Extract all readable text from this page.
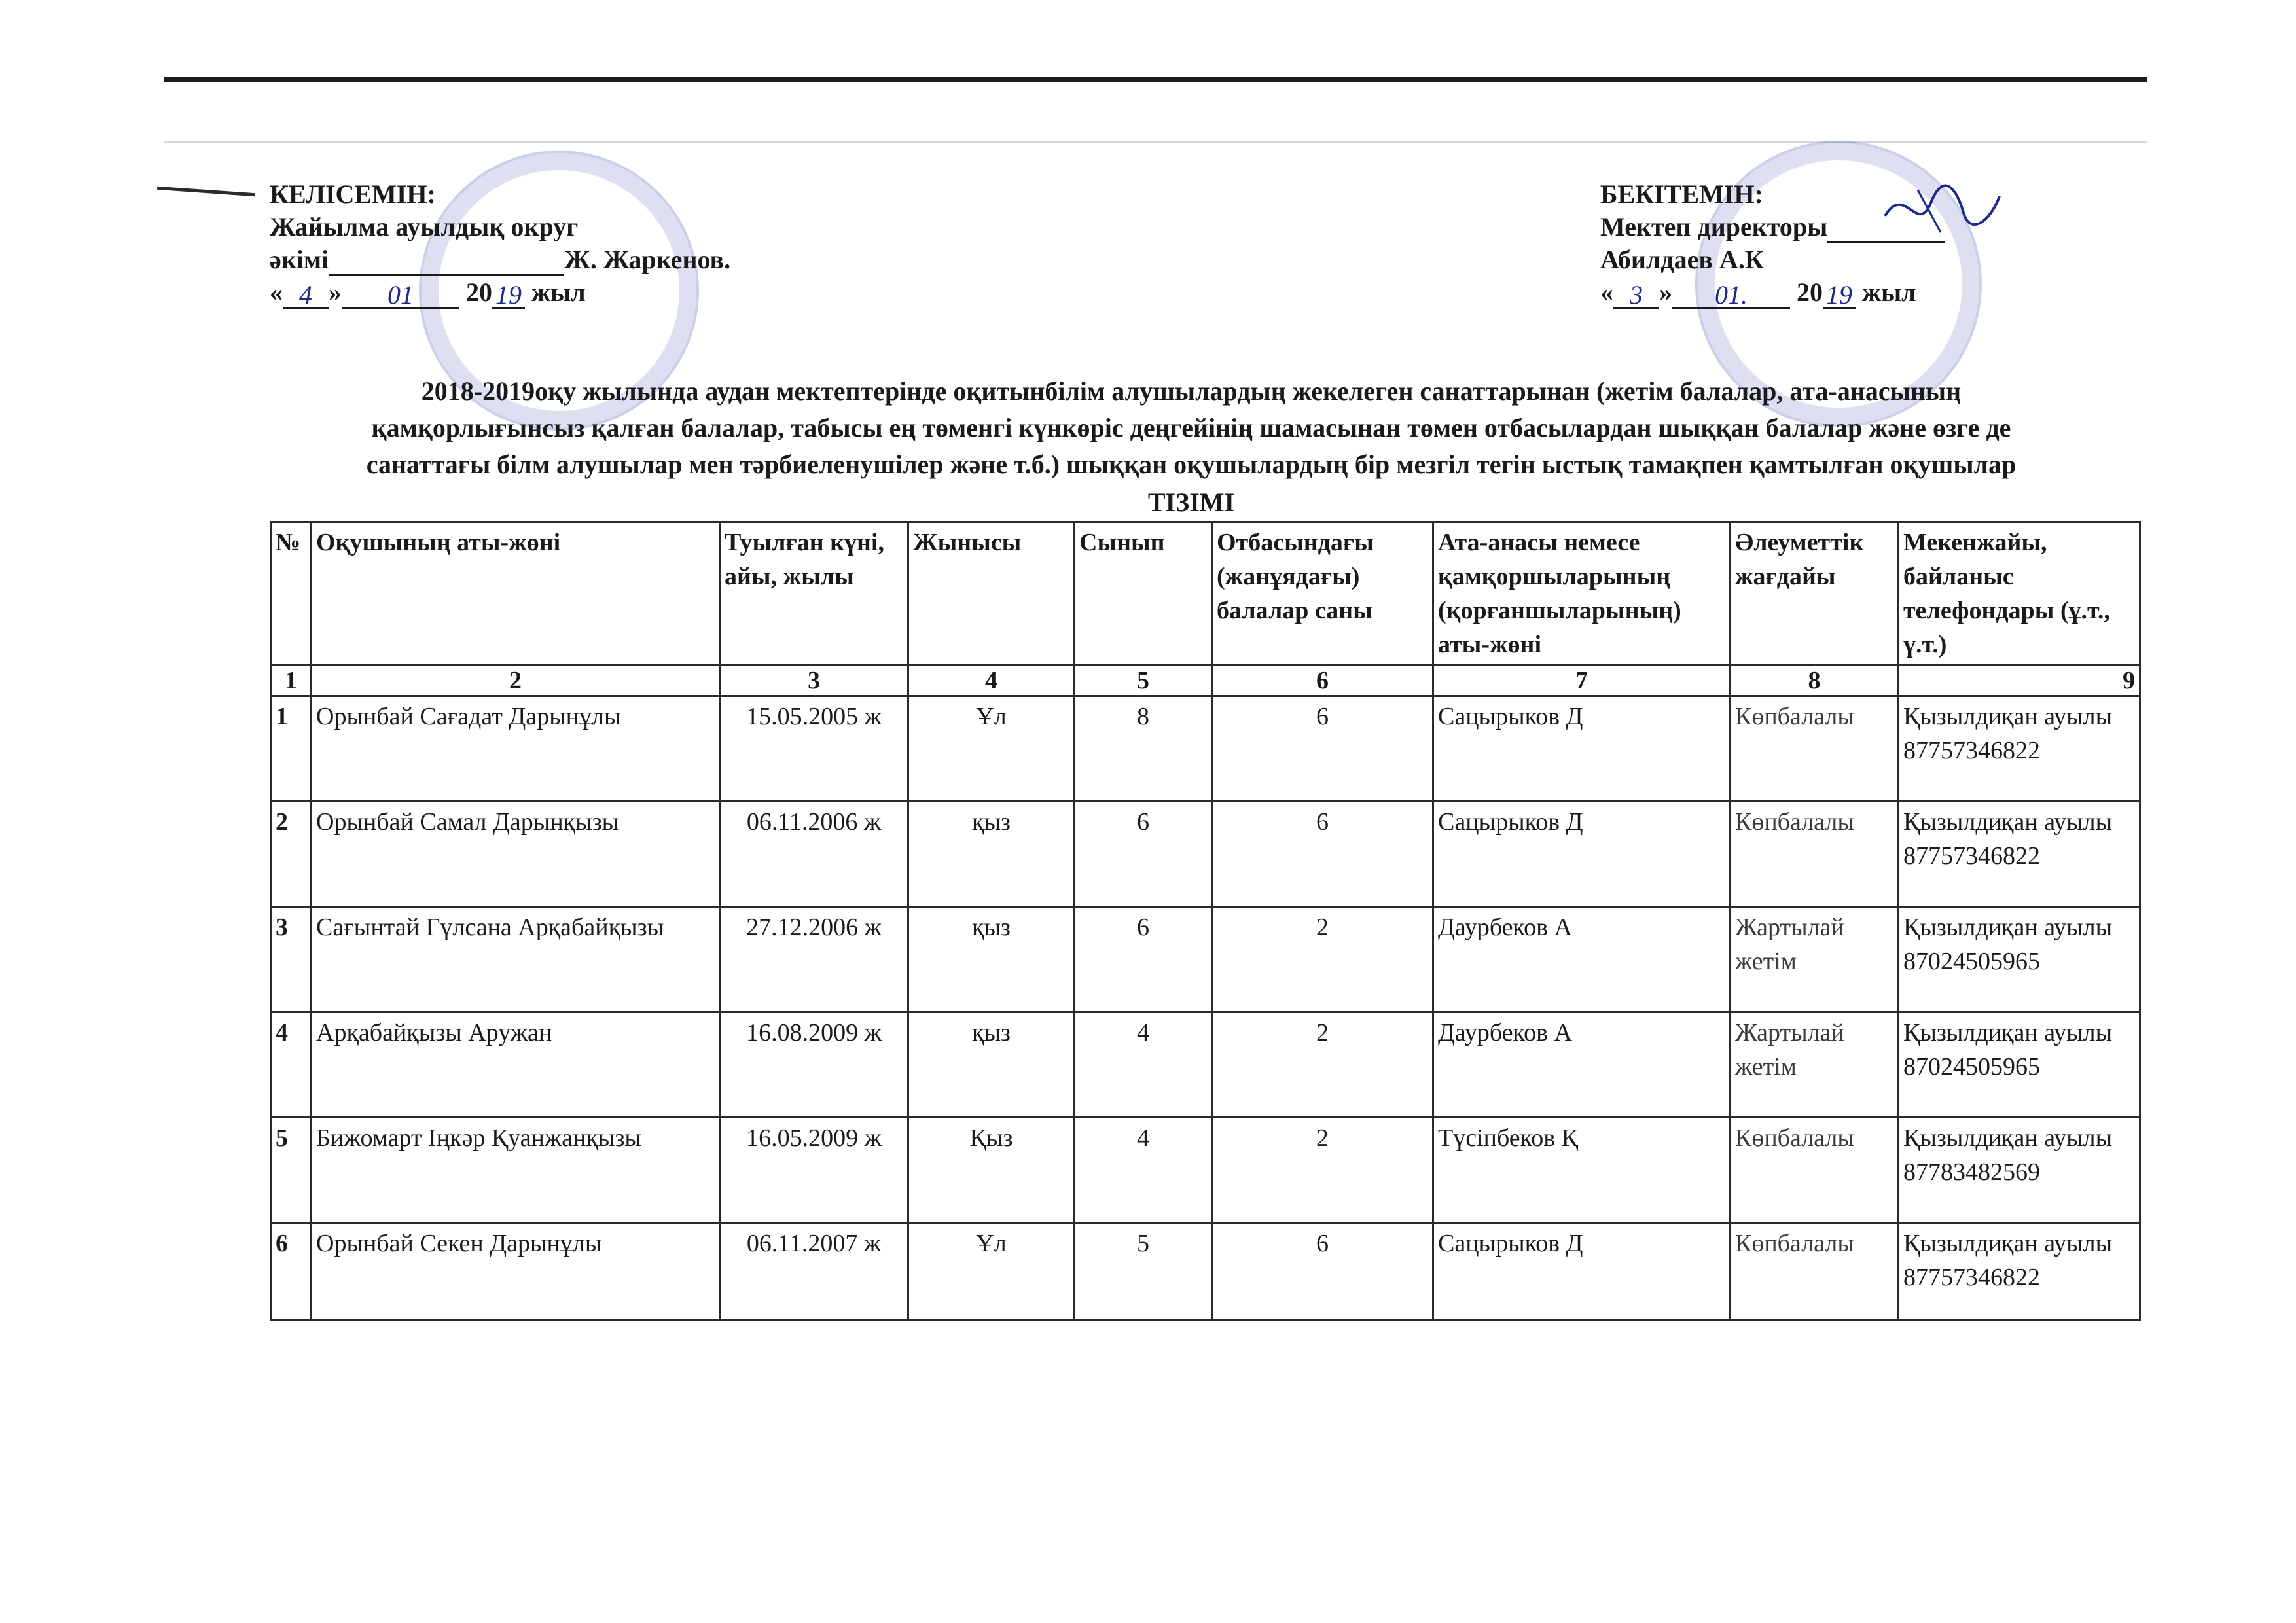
КЕЛІСЕМІН:
Жайылма ауылдық округ
әкімі	Ж. Жаркенов.
« 4 » 01 20 19 жыл
БЕКІТЕМІН:
Мектеп директоры
Абилдаев А.К
« 3 » 01. 20 19 жыл
2018-2019оқу жылында аудан мектептерінде оқитынбілім алушылардың жекелеген санаттарынан (жетім балалар, ата-анасының
қамқорлығынсыз қалған балалар, табысы ең төменгі күнкөріс деңгейінің шамасынан төмен отбасылардан шыққан балалар және өзге де
санаттағы білм алушылар мен тәрбиеленушілер және т.б.) шыққан оқушылардың бір мезгіл тегін ыстық тамақпен қамтылған оқушылар
ТІЗІМІ
№	Оқушының аты-жөні	Туылған күні, айы, жылы	Жынысы	Сынып	Отбасындағы (жанұядағы) балалар саны	Ата-анасы немесе қамқоршыларының (қорғаншыларының) аты-жөні	Әлеуметтік жағдайы	Мекенжайы, байланыс телефондары (ұ.т., ү.т.)
1	2	3	4	5	6	7	8	9
1	Орынбай Сағадат Дарынұлы	15.05.2005 ж	Ұл	8	6	Сацырыков Д	Көпбалалы	Қызылдиқан ауылы
87757346822

2	Орынбай Самал Дарынқызы	06.11.2006 ж	қыз	6	6	Сацырыков Д	Көпбалалы	Қызылдиқан ауылы
87757346822

3	Сағынтай Гүлсана Арқабайқызы	27.12.2006 ж	қыз	6	2	Даурбеков А	Жартылай жетім	Қызылдиқан ауылы
87024505965

4	Арқабайқызы Аружан	16.08.2009 ж	қыз	4	2	Даурбеков А	Жартылай жетім	Қызылдиқан ауылы
87024505965

5	Бижомарт Іңкәр Қуанжанқызы	16.05.2009 ж	Қыз	4	2	Түсіпбеков Қ	Көпбалалы	Қызылдиқан ауылы
87783482569

6	Орынбай Секен Дарынұлы	06.11.2007 ж	Ұл	5	6	Сацырыков Д	Көпбалалы	Қызылдиқан ауылы
87757346822
